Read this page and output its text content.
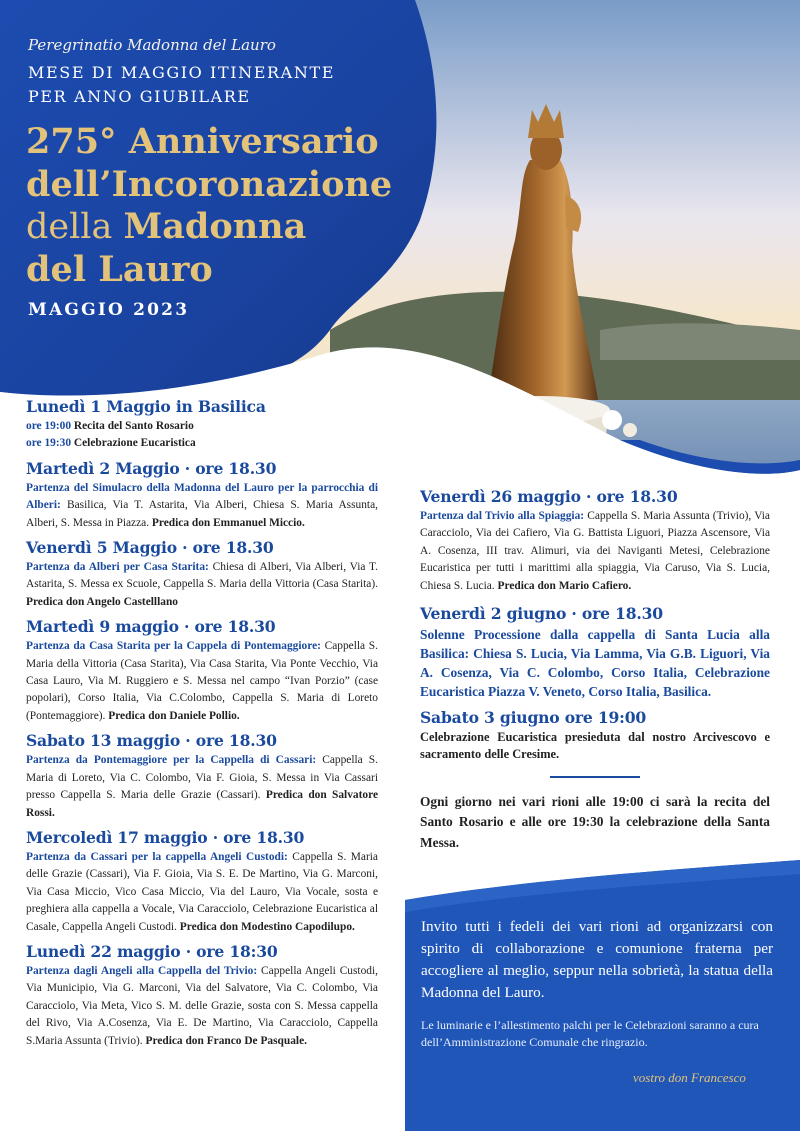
Peregrinatio Madonna del Lauro
MESE DI MAGGIO ITINERANTE
PER ANNO GIUBILARE
275° Anniversario
dell’Incoronazione
della Madonna
del Lauro
MAGGIO 2023
Lunedì 1 Maggio in Basilica
ore 19:00 Recita del Santo Rosario
ore 19:30 Celebrazione Eucaristica
Martedì 2 Maggio · ore 18.30
Partenza del Simulacro della Madonna del Lauro per la parrocchia di Alberi: Basilica, Via T. Astarita, Via Alberi, Chiesa S. Maria Assunta, Alberi, S. Messa in Piazza. Predica don Emmanuel Miccio.
Venerdì 5 Maggio · ore 18.30
Partenza da Alberi per Casa Starita: Chiesa di Alberi, Via Alberi, Via T. Astarita, S. Messa ex Scuole, Cappella S. Maria della Vittoria (Casa Starita). Predica don Angelo Castelllano
Martedì 9 maggio · ore 18.30
Partenza da Casa Starita per la Cappela di Pontemaggiore: Cappella S. Maria della Vittoria (Casa Starita), Via Casa Starita, Via Ponte Vecchio, Via Casa Lauro, Via M. Ruggiero e S. Messa nel campo “Ivan Porzio” (case popolari), Corso Italia, Via C.Colombo, Cappella S. Maria di Loreto (Pontemaggiore). Predica don Daniele Pollio.
Sabato 13 maggio · ore 18.30
Partenza da Pontemaggiore per la Cappella di Cassari: Cappella S. Maria di Loreto, Via C. Colombo, Via F. Gioia, S. Messa in Via Cassari presso Cappella S. Maria delle Grazie (Cassari). Predica don Salvatore Rossi.
Mercoledì 17 maggio · ore 18.30
Partenza da Cassari per la cappella Angeli Custodi: Cappella S. Maria delle Grazie (Cassari), Via F. Gioia, Via S. E. De Martino, Via G. Marconi, Via Casa Miccio, Vico Casa Miccio, Via del Lauro, Via Vocale, sosta e preghiera alla cappella a Vocale, Via Caracciolo, Celebrazione Eucaristica al Casale, Cappella Angeli Custodi. Predica don Modestino Capodilupo.
Lunedì 22 maggio · ore 18:30
Partenza dagli Angeli alla Cappella del Trivio: Cappella Angeli Custodi, Via Municipio, Via G. Marconi, Via del Salvatore, Via C. Colombo, Via Caracciolo, Via Meta, Vico S. M. delle Grazie, sosta con S. Messa cappella del Rivo, Via A.Cosenza, Via E. De Martino, Via Caracciolo, Cappella S.Maria Assunta (Trivio). Predica don Franco De Pasquale.
Venerdì 26 maggio · ore 18.30
Partenza dal Trivio alla Spiaggia: Cappella S. Maria Assunta (Trivio), Via Caracciolo, Via dei Cafiero, Via G. Battista Liguori, Piazza Ascensore, Via A. Cosenza, III trav. Alimuri, via dei Naviganti Metesi, Celebrazione Eucaristica per tutti i marittimi alla spiaggia, Via Caruso, Via S. Lucia, Chiesa S. Lucia. Predica don Mario Cafiero.
Venerdì 2 giugno · ore 18.30
Solenne Processione dalla cappella di Santa Lucia alla Basilica: Chiesa S. Lucia, Via Lamma, Via G.B. Liguori, Via A. Cosenza, Via C. Colombo, Corso Italia, Celebrazione Eucaristica Piazza V. Veneto, Corso Italia, Basilica.
Sabato 3 giugno ore 19:00
Celebrazione Eucaristica presieduta dal nostro Arcivescovo e sacramento delle Cresime.
Ogni giorno nei vari rioni alle 19:00 ci sarà la recita del Santo Rosario e alle ore 19:30 la celebrazione della Santa Messa.
Invito tutti i fedeli dei vari rioni ad organizzarsi con spirito di collaborazione e comunione fraterna per accogliere al meglio, seppur nella sobrietà, la statua della Madonna del Lauro.
Le luminarie e l’allestimento palchi per le Celebrazioni saranno a cura dell’Amministrazione Comunale che ringrazio.
vostro don Francesco
